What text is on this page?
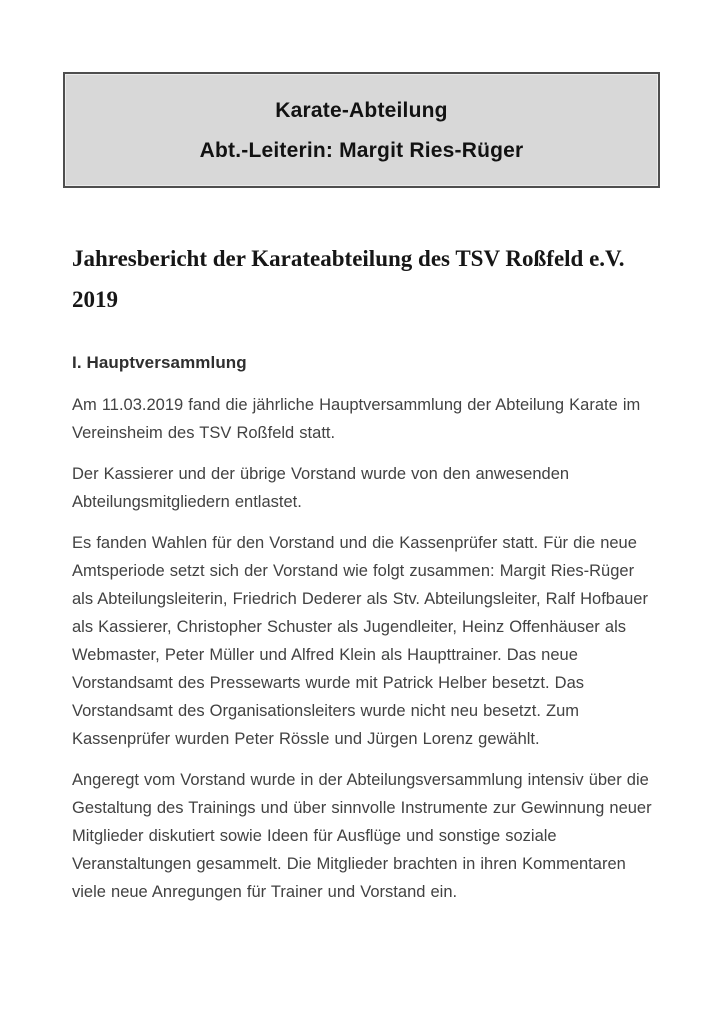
Karate-Abteilung
Abt.-Leiterin: Margit Ries-Rüger
Jahresbericht der Karateabteilung des TSV Roßfeld e.V.
2019
I. Hauptversammlung

Am 11.03.2019 fand die jährliche Hauptversammlung der Abteilung Karate im Vereinsheim des TSV Roßfeld statt.

Der Kassierer und der übrige Vorstand wurde von den anwesenden Abteilungsmitgliedern entlastet.

Es fanden Wahlen für den Vorstand und die Kassenprüfer statt. Für die neue Amtsperiode setzt sich der Vorstand wie folgt zusammen: Margit Ries-Rüger als Abteilungsleiterin, Friedrich Dederer als Stv. Abteilungsleiter, Ralf Hofbauer als Kassierer, Christopher Schuster als Jugendleiter, Heinz Offenhäuser als Webmaster, Peter Müller und Alfred Klein als Haupttrainer. Das neue Vorstandsamt des Pressewarts wurde mit Patrick Helber besetzt. Das Vorstandsamt des Organisationsleiters wurde nicht neu besetzt. Zum Kassenprüfer wurden Peter Rössle und Jürgen Lorenz gewählt.

Angeregt vom Vorstand wurde in der Abteilungsversammlung intensiv über die Gestaltung des Trainings und über sinnvolle Instrumente zur Gewinnung neuer Mitglieder diskutiert sowie Ideen für Ausflüge und sonstige soziale Veranstaltungen gesammelt. Die Mitglieder brachten in ihren Kommentaren viele neue Anregungen für Trainer und Vorstand ein.
